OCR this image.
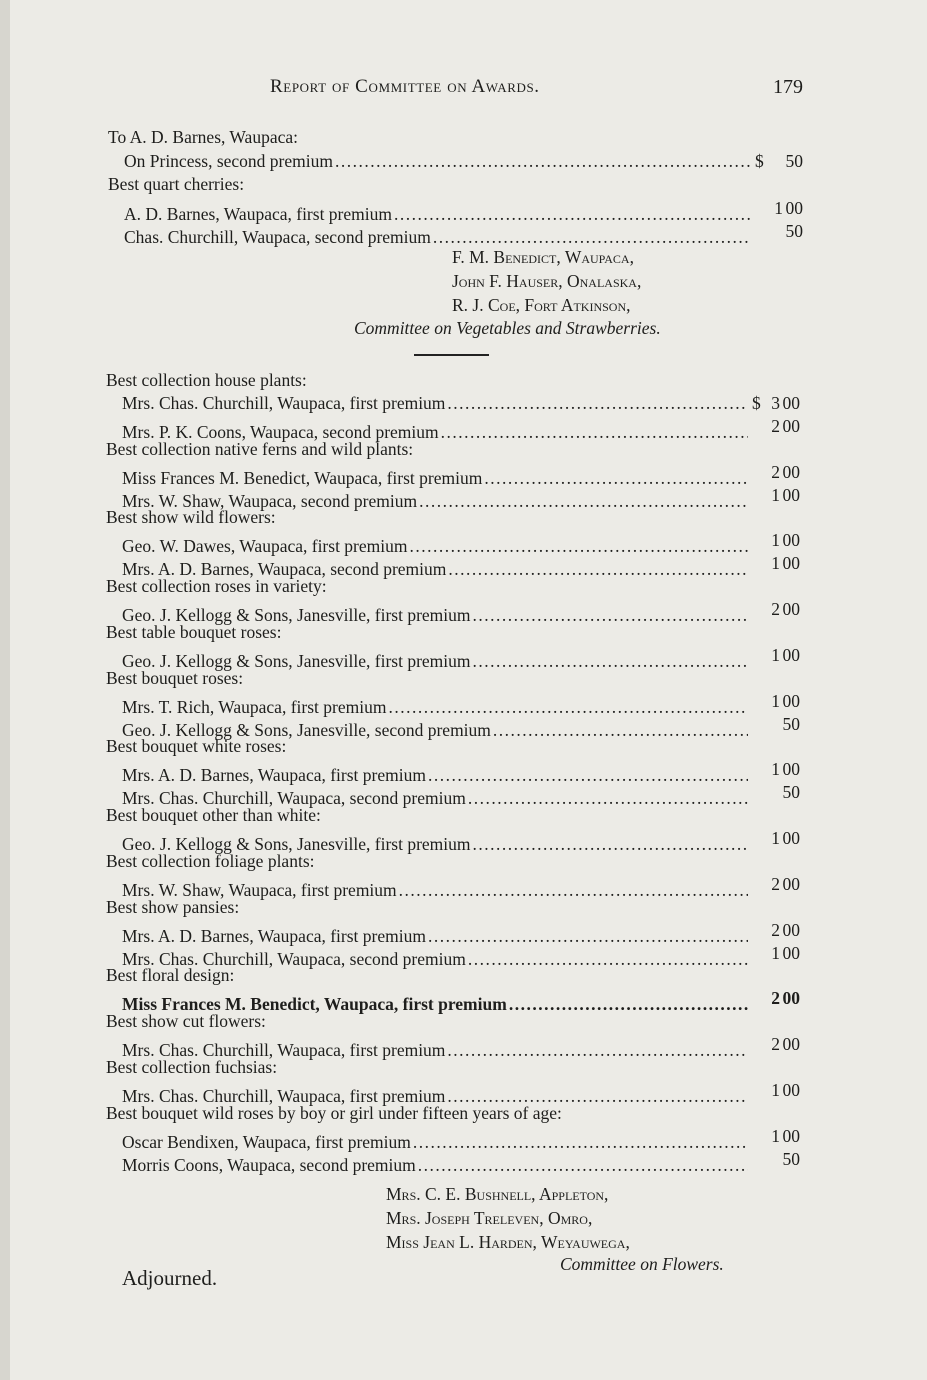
Report of Committee on Awards.	179
To A. D. Barnes, Waupaca:
On Princess, second premium .....	$	50
Best quart cherries:
A. D. Barnes, Waupaca, first premium .....	1 00
Chas. Churchill, Waupaca, second premium .....	50
F. M. Benedict, Waupaca,
John F. Hauser, Onalaska,
R. J. Coe, Fort Atkinson,
Committee on Vegetables and Strawberries.
Best collection house plants:
Mrs. Chas. Churchill, Waupaca, first premium .....	$ 3 00
Mrs. P. K. Coons, Waupaca, second premium .....	2 00
Best collection native ferns and wild plants:
Miss Frances M. Benedict, Waupaca, first premium .....	2 00
Mrs. W. Shaw, Waupaca, second premium .....	1 00
Best show wild flowers:
Geo. W. Dawes, Waupaca, first premium .....	1 00
Mrs. A. D. Barnes, Waupaca, second premium .....	1 00
Best collection roses in variety:
Geo. J. Kellogg & Sons, Janesville, first premium .....	2 00
Best table bouquet roses:
Geo. J. Kellogg & Sons, Janesville, first premium .....	1 00
Best bouquet roses:
Mrs. T. Rich, Waupaca, first premium .....	1 00
Geo. J. Kellogg & Sons, Janesville, second premium .....	50
Best bouquet white roses:
Mrs. A. D. Barnes, Waupaca, first premium .....	1 00
Mrs. Chas. Churchill, Waupaca, second premium .....	50
Best bouquet other than white:
Geo. J. Kellogg & Sons, Janesville, first premium .....	1 00
Best collection foliage plants:
Mrs. W. Shaw, Waupaca, first premium .....	2 00
Best show pansies:
Mrs. A. D. Barnes, Waupaca, first premium .....	2 00
Mrs. Chas. Churchill, Waupaca, second premium .....	1 00
Best floral design:
Miss Frances M. Benedict, Waupaca, first premium .....	2 00
Best show cut flowers:
Mrs. Chas. Churchill, Waupaca, first premium .....	2 00
Best collection fuchsias:
Mrs. Chas. Churchill, Waupaca, first premium .....	1 00
Best bouquet wild roses by boy or girl under fifteen years of age:
Oscar Bendixen, Waupaca, first premium .....	1 00
Morris Coons, Waupaca, second premium .....	50
Mrs. C. E. Bushnell, Appleton,
Mrs. Joseph Treleven, Omro,
Miss Jean L. Harden, Weyauwega,
Committee on Flowers.
Adjourned.
